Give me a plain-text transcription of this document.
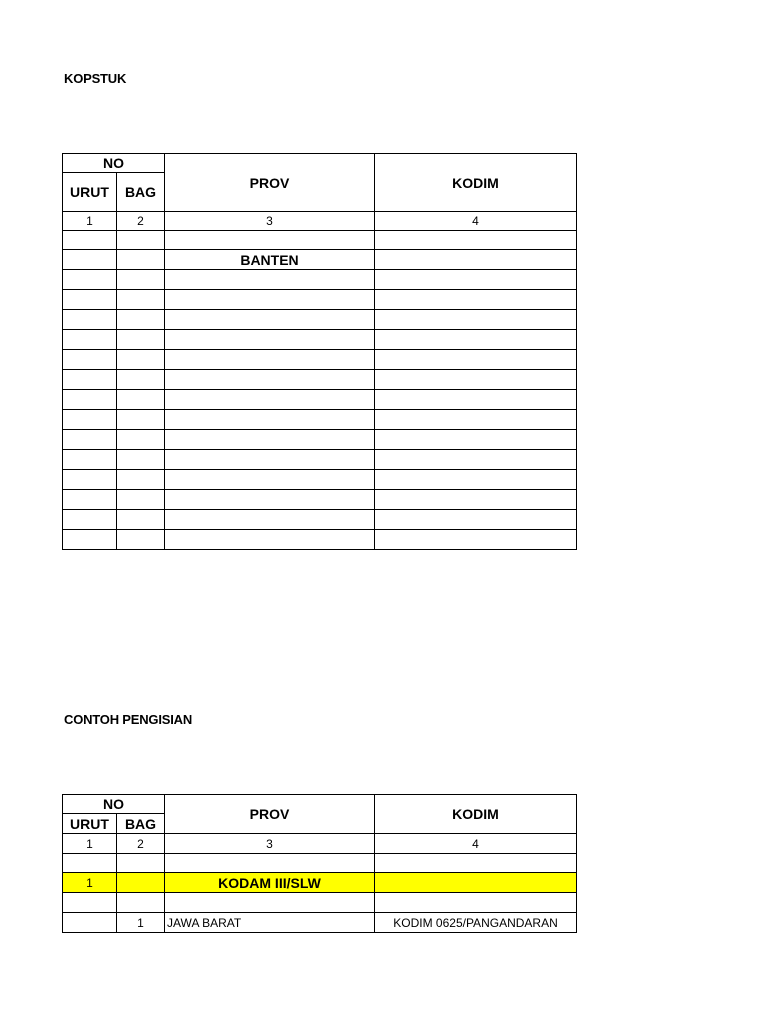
KOPSTUK
NO		PROV	KODIM
URUT	BAG		
1	2	3	4

		BANTEN	

CONTOH PENGISIAN
NO		PROV	KODIM
URUT	BAG		
1	2	3	4

1		KODAM III/SLW	

	1	JAWA BARAT	KODIM 0625/PANGANDARAN
